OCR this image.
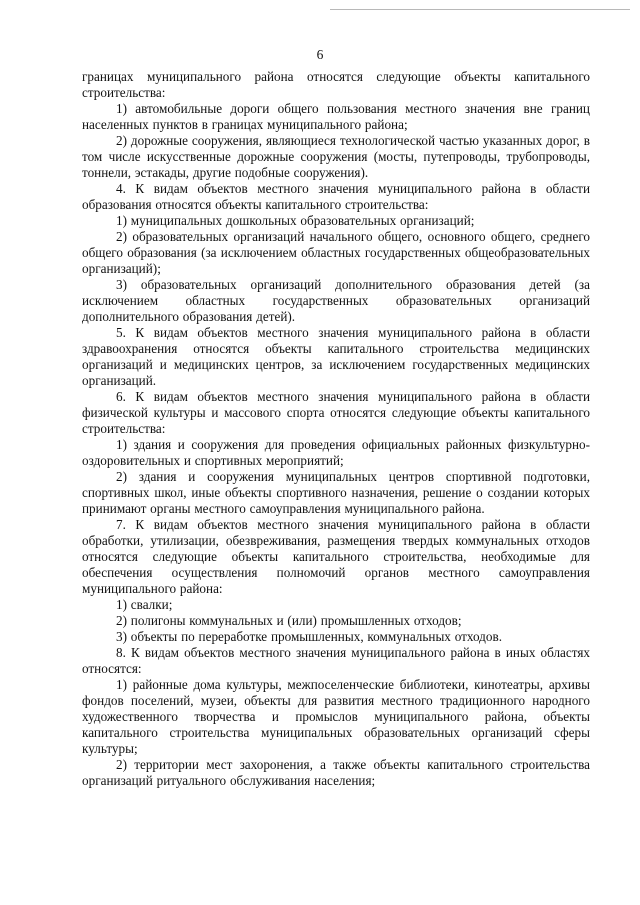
6

границах муниципального района относятся следующие объекты капитального строительства:

1) автомобильные дороги общего пользования местного значения вне границ населенных пунктов в границах муниципального района;

2) дорожные сооружения, являющиеся технологической частью указанных дорог, в том числе искусственные дорожные сооружения (мосты, путепроводы, трубопроводы, тоннели, эстакады, другие подобные сооружения).

4. К видам объектов местного значения муниципального района в области образования относятся объекты капитального строительства:

1) муниципальных дошкольных образовательных организаций;

2) образовательных организаций начального общего, основного общего, среднего общего образования (за исключением областных государственных общеобразовательных организаций);

3) образовательных организаций дополнительного образования детей (за исключением областных государственных образовательных организаций дополнительного образования детей).

5. К видам объектов местного значения муниципального района в области здравоохранения относятся объекты капитального строительства медицинских организаций и медицинских центров, за исключением государственных медицинских организаций.

6. К видам объектов местного значения муниципального района в области физической культуры и массового спорта относятся следующие объекты капитального строительства:

1) здания и сооружения для проведения официальных районных физкультурно-оздоровительных и спортивных мероприятий;

2) здания и сооружения муниципальных центров спортивной подготовки, спортивных школ, иные объекты спортивного назначения, решение о создании которых принимают органы местного самоуправления муниципального района.

7. К видам объектов местного значения муниципального района в области обработки, утилизации, обезвреживания, размещения твердых коммунальных отходов относятся следующие объекты капитального строительства, необходимые для обеспечения осуществления полномочий органов местного самоуправления муниципального района:

1) свалки;

2) полигоны коммунальных и (или) промышленных отходов;

3) объекты по переработке промышленных, коммунальных отходов.

8. К видам объектов местного значения муниципального района в иных областях относятся:

1) районные дома культуры, межпоселенческие библиотеки, кинотеатры, архивы фондов поселений, музеи, объекты для развития местного традиционного народного художественного творчества и промыслов муниципального района, объекты капитального строительства муниципальных образовательных организаций сферы культуры;

2) территории мест захоронения, а также объекты капитального строительства организаций ритуального обслуживания населения;
